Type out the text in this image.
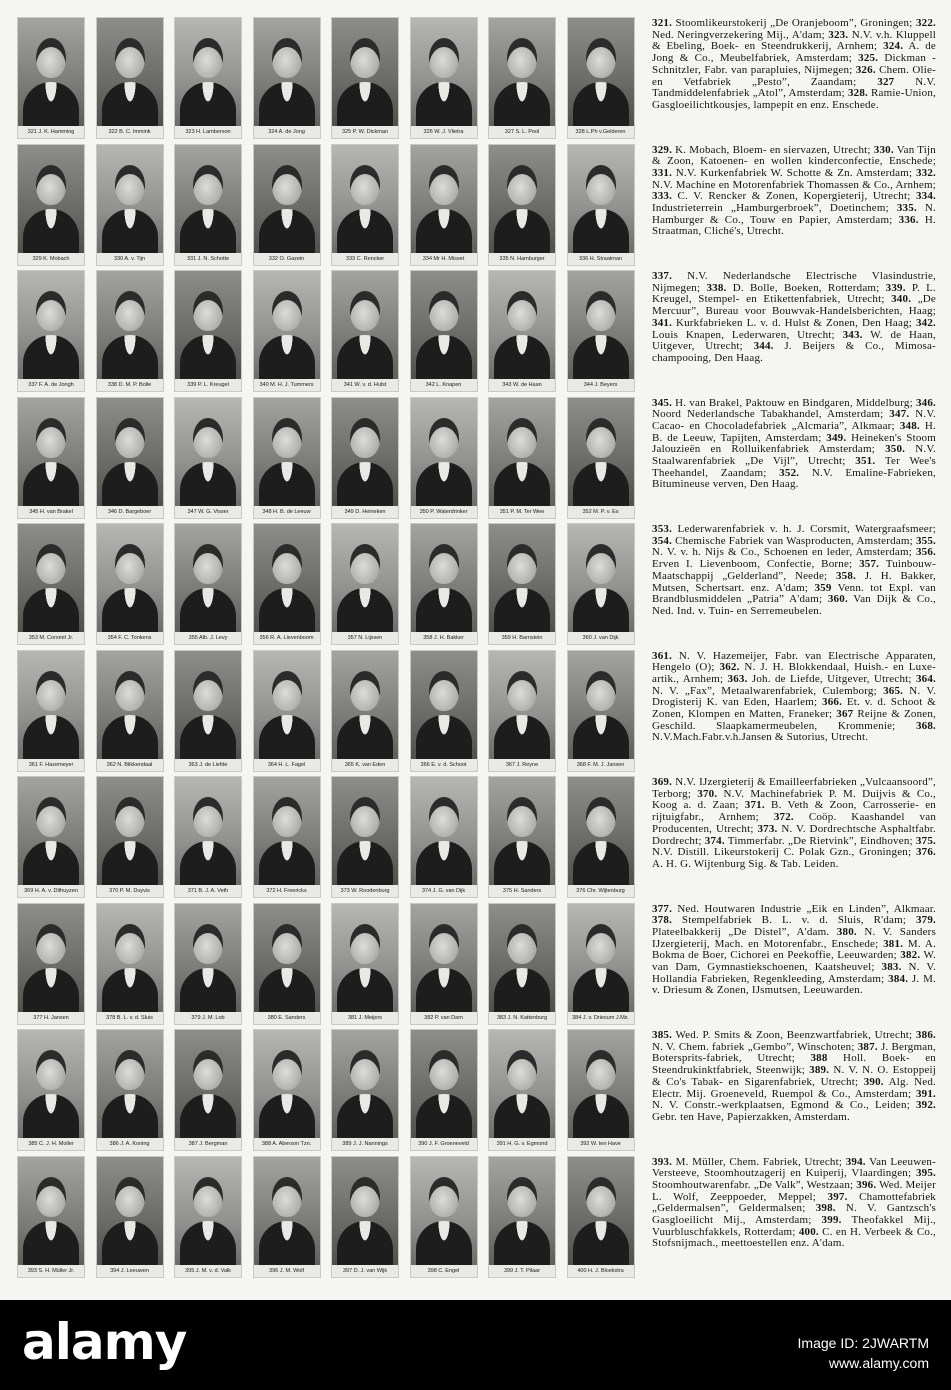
321 J. K. Hamming	322 B. C. Immink	323 H. Lamberson	324 A. de Jong	325 P. W. Dickman	326 W. J. Vlietra	327 S. L. Pool	328 L.Ph v.Gelderen
329 K. Mobach	330 A. v. Tijn	331 J. N. Schotte	332 O. Gazein	333 C. Rencker	334 Mr H. Misset	335 N. Hamburger	336 H. Straatman
337 F. A. de Jongh	338 D. M. P. Bolle	339 P. L. Kreugel	340 M. H. J. Tummers	341 W. v. d. Hulst	342 L. Knapen	343 W. de Haan	344 J. Beyers
345 H. van Brakel	346 D. Bargeboer	347 W. G. Visser	348 H. B. de Leeuw	349 D. Heineken	350 P. Waterdrinker	351 P. M. Ter Wee	352 M. P. v. Es
353 M. Corsmit Jr.	354 F. C. Tonkens	355 Alb. J. Levy	356 R. A. Lievenboom	357 N. Lijssen	358 J. H. Bakker	359 H. Barnstein	360 J. van Dijk
361 F. Hazemeyer	362 N. Blikkendaal	363 J. de Liefde	364 H. L. Fagel	365 K. van Eden	366 E. v. d. Schoot	367 J. Reyne	368 F. M. J. Jansen
369 H. A. v. Dithuyzen	370 P. M. Duyvis	371 B. J. A. Veth	372 H. Freericks	373 W. Roodenburg	374 J. G. van Dijk	375 H. Sanders	376 Chr. Wijtenburg
377 H. Jansen	378 B. L. v. d. Sluis	379 J. M. Lob	380 E. Sanders	381 J. Meijers	382 P. van Dam	383 J. N. Kattenburg	384 J. v. Driesum J.Mz.
385 C. J. H. Moller	386 J. A. Koning	387 J. Bergman	388 A. Aberson Tzn.	389 J. J. Nannings	390 J. F. Groeneveld	391 H. G. v. Egmond	392 W. ten Have
393 S. H. Müller Jr.	394 J. Leeuwen	395 J. M. v. d. Valk	396 J. M. Wolf	397 D. J. van Wijk	398 C. Engel	399 J. T. Pilaar	400 H. J. Bloekstra

321. Stoomlikeurstokerij „De Oranjeboom”, Groningen; 322. Ned. Neringverzekering Mij., A'dam; 323. N.V. v.h. Kluppell & Ebeling, Boek- en Steendrukkerij, Arnhem; 324. A. de Jong & Co., Meubelfabriek, Amsterdam; 325. Dickman - Schnitzler, Fabr. van parapluies, Nijmegen; 326. Chem. Olie- en Vetfabriek „Pesto”, Zaandam; 327 N.V. Tandmiddelenfabriek „Atol”, Amsterdam; 328. Ramie-Union, Gasgloeilichtkousjes, lampepit en enz. Enschede.

329. K. Mobach, Bloem- en siervazen, Utrecht; 330. Van Tijn & Zoon, Katoenen- en wollen kinderconfectie, Enschede; 331. N.V. Kurkenfabriek W. Schotte & Zn. Amsterdam; 332. N.V. Machine en Motorenfabriek Thomassen & Co., Arnhem; 333. C. V. Rencker & Zonen, Kopergieterij, Utrecht; 334. Industrieterrein „Hamburgerbroek”, Doetinchem; 335. N. Hamburger & Co., Touw en Papier, Amsterdam; 336. H. Straatman, Cliché's, Utrecht.

337. N.V. Nederlandsche Electrische Vlasindustrie, Nijmegen; 338. D. Bolle, Boeken, Rotterdam; 339. P. L. Kreugel, Stempel- en Etikettenfabriek, Utrecht; 340. „De Mercuur”, Bureau voor Bouwvak-Handelsberichten, Haag; 341. Kurkfabrieken L. v. d. Hulst & Zonen, Den Haag; 342. Louis Knapen, Lederwaren, Utrecht; 343. W. de Haan, Uitgever, Utrecht; 344. J. Beijers & Co., Mimosa-champooing, Den Haag.

345. H. van Brakel, Paktouw en Bindgaren, Middelburg; 346. Noord Nederlandsche Tabakhandel, Amsterdam; 347. N.V. Cacao- en Chocoladefabriek „Alcmaria”, Alkmaar; 348. H. B. de Leeuw, Tapijten, Amsterdam; 349. Heineken's Stoom Jalouzieën en Rolluikenfabriek Amsterdam; 350. N.V. Staalwarenfabriek „De Vijl”, Utrecht; 351. Ter Wee's Theehandel, Zaandam; 352. N.V. Emaline-Fabrieken, Bitumineuse verven, Den Haag.

353. Lederwarenfabriek v. h. J. Corsmit, Watergraafsmeer; 354. Chemische Fabriek van Wasproducten, Amsterdam; 355. N. V. v. h. Nijs & Co., Schoenen en leder, Amsterdam; 356. Erven I. Lievenboom, Confectie, Borne; 357. Tuinbouw-Maatschappij „Gelderland”, Neede; 358. J. H. Bakker, Mutsen, Schertsart. enz. A'dam; 359 Venn. tot Expl. van Brandblusmiddelen „Patria” A'dam; 360. Van Dijk & Co., Ned. Ind. v. Tuin- en Serremeubelen.

361. N. V. Hazemeijer, Fabr. van Electrische Apparaten, Hengelo (O); 362. N. J. H. Blokkendaal, Huish.- en Luxe-artik., Arnhem; 363. Joh. de Liefde, Uitgever, Utrecht; 364. N. V. „Fax”, Metaalwarenfabriek, Culemborg; 365. N. V. Drogisterij K. van Eden, Haarlem; 366. Et. v. d. Schoot & Zonen, Klompen en Matten, Franeker; 367 Reijne & Zonen, Geschild. Slaapkamermeubelen, Krommenie; 368. N.V.Mach.Fabr.v.h.Jansen & Sutorius, Utrecht.

369. N.V. IJzergieterij & Emailleerfabrieken „Vulcaansoord”, Terborg; 370. N.V. Machinefabriek P. M. Duijvis & Co., Koog a. d. Zaan; 371. B. Veth & Zoon, Carrosserie- en rijtuigfabr., Arnhem; 372. Coöp. Kaashandel van Producenten, Utrecht; 373. N. V. Dordrechtsche Asphaltfabr. Dordrecht; 374. Timmerfabr. „De Rietvink”, Eindhoven; 375. N.V. Distill. Likeurstokerij C. Polak Gzn., Groningen; 376. A. H. G. Wijtenburg Sig. & Tab. Leiden.

377. Ned. Houtwaren Industrie „Eik en Linden”, Alkmaar. 378. Stempelfabriek B. L. v. d. Sluis, R'dam; 379. Plateelbakkerij „De Distel”, A'dam. 380. N. V. Sanders IJzergieterij, Mach. en Motorenfabr., Enschede; 381. M. A. Bokma de Boer, Cichorei en Peekoffie, Leeuwarden; 382. W. van Dam, Gymnastiekschoenen, Kaatsheuvel; 383. N. V. Hollandia Fabrieken, Regenkleeding, Amsterdam; 384. J. M. v. Driesum & Zonen, IJsmutsen, Leeuwarden.

385. Wed. P. Smits & Zoon, Beenzwartfabriek, Utrecht; 386. N. V. Chem. fabriek „Gembo”, Winschoten; 387. J. Bergman, Botersprits-fabriek, Utrecht; 388 Holl. Boek- en Steendrukinktfabriek, Steenwijk; 389. N. V. N. O. Estoppeij & Co's Tabak- en Sigarenfabriek, Utrecht; 390. Alg. Ned. Electr. Mij. Groeneveld, Ruempol & Co., Amsterdam; 391. N. V. Constr.-werkplaatsen, Egmond & Co., Leiden; 392. Gebr. ten Have, Papierzakken, Amsterdam.

393. M. Müller, Chem. Fabriek, Utrecht; 394. Van Leeuwen-Versteeve, Stoomhoutzagerij en Kuiperij, Vlaardingen; 395. Stoomhoutwarenfabr. „De Valk”, Westzaan; 396. Wed. Meijer L. Wolf, Zeeppoeder, Meppel; 397. Chamottefabriek „Geldermalsen”, Geldermalsen; 398. N. V. Gantzsch's Gasgloeilicht Mij., Amsterdam; 399. Theofakkel Mij., Vuurbluschfakkels, Rotterdam; 400. C. en H. Verbeek & Co., Stofsnijmach., meettoestellen enz. A'dam.

alamy	Image ID: 2JWARTM
www.alamy.com
